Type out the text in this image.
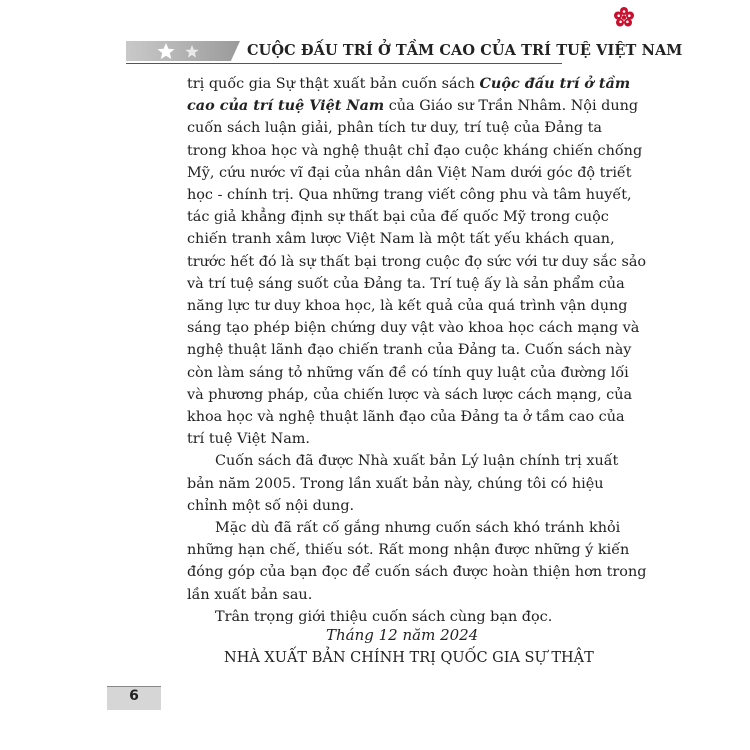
CUỘC ĐẤU TRÍ Ở TẦM CAO CỦA TRÍ TUỆ VIỆT NAM

trị quốc gia Sự thật xuất bản cuốn sách Cuộc đấu trí ở tầm
cao của trí tuệ Việt Nam của Giáo sư Trần Nhâm. Nội dung
cuốn sách luận giải, phân tích tư duy, trí tuệ của Đảng ta
trong khoa học và nghệ thuật chỉ đạo cuộc kháng chiến chống
Mỹ, cứu nước vĩ đại của nhân dân Việt Nam dưới góc độ triết
học - chính trị. Qua những trang viết công phu và tâm huyết,
tác giả khẳng định sự thất bại của đế quốc Mỹ trong cuộc
chiến tranh xâm lược Việt Nam là một tất yếu khách quan,
trước hết đó là sự thất bại trong cuộc đọ sức với tư duy sắc sảo
và trí tuệ sáng suốt của Đảng ta. Trí tuệ ấy là sản phẩm của
năng lực tư duy khoa học, là kết quả của quá trình vận dụng
sáng tạo phép biện chứng duy vật vào khoa học cách mạng và
nghệ thuật lãnh đạo chiến tranh của Đảng ta. Cuốn sách này
còn làm sáng tỏ những vấn đề có tính quy luật của đường lối
và phương pháp, của chiến lược và sách lược cách mạng, của
khoa học và nghệ thuật lãnh đạo của Đảng ta ở tầm cao của
trí tuệ Việt Nam.

Cuốn sách đã được Nhà xuất bản Lý luận chính trị xuất
bản năm 2005. Trong lần xuất bản này, chúng tôi có hiệu
chỉnh một số nội dung.

Mặc dù đã rất cố gắng nhưng cuốn sách khó tránh khỏi
những hạn chế, thiếu sót. Rất mong nhận được những ý kiến
đóng góp của bạn đọc để cuốn sách được hoàn thiện hơn trong
lần xuất bản sau.

Trân trọng giới thiệu cuốn sách cùng bạn đọc.

Tháng 12 năm 2024
NHÀ XUẤT BẢN CHÍNH TRỊ QUỐC GIA SỰ THẬT
6
